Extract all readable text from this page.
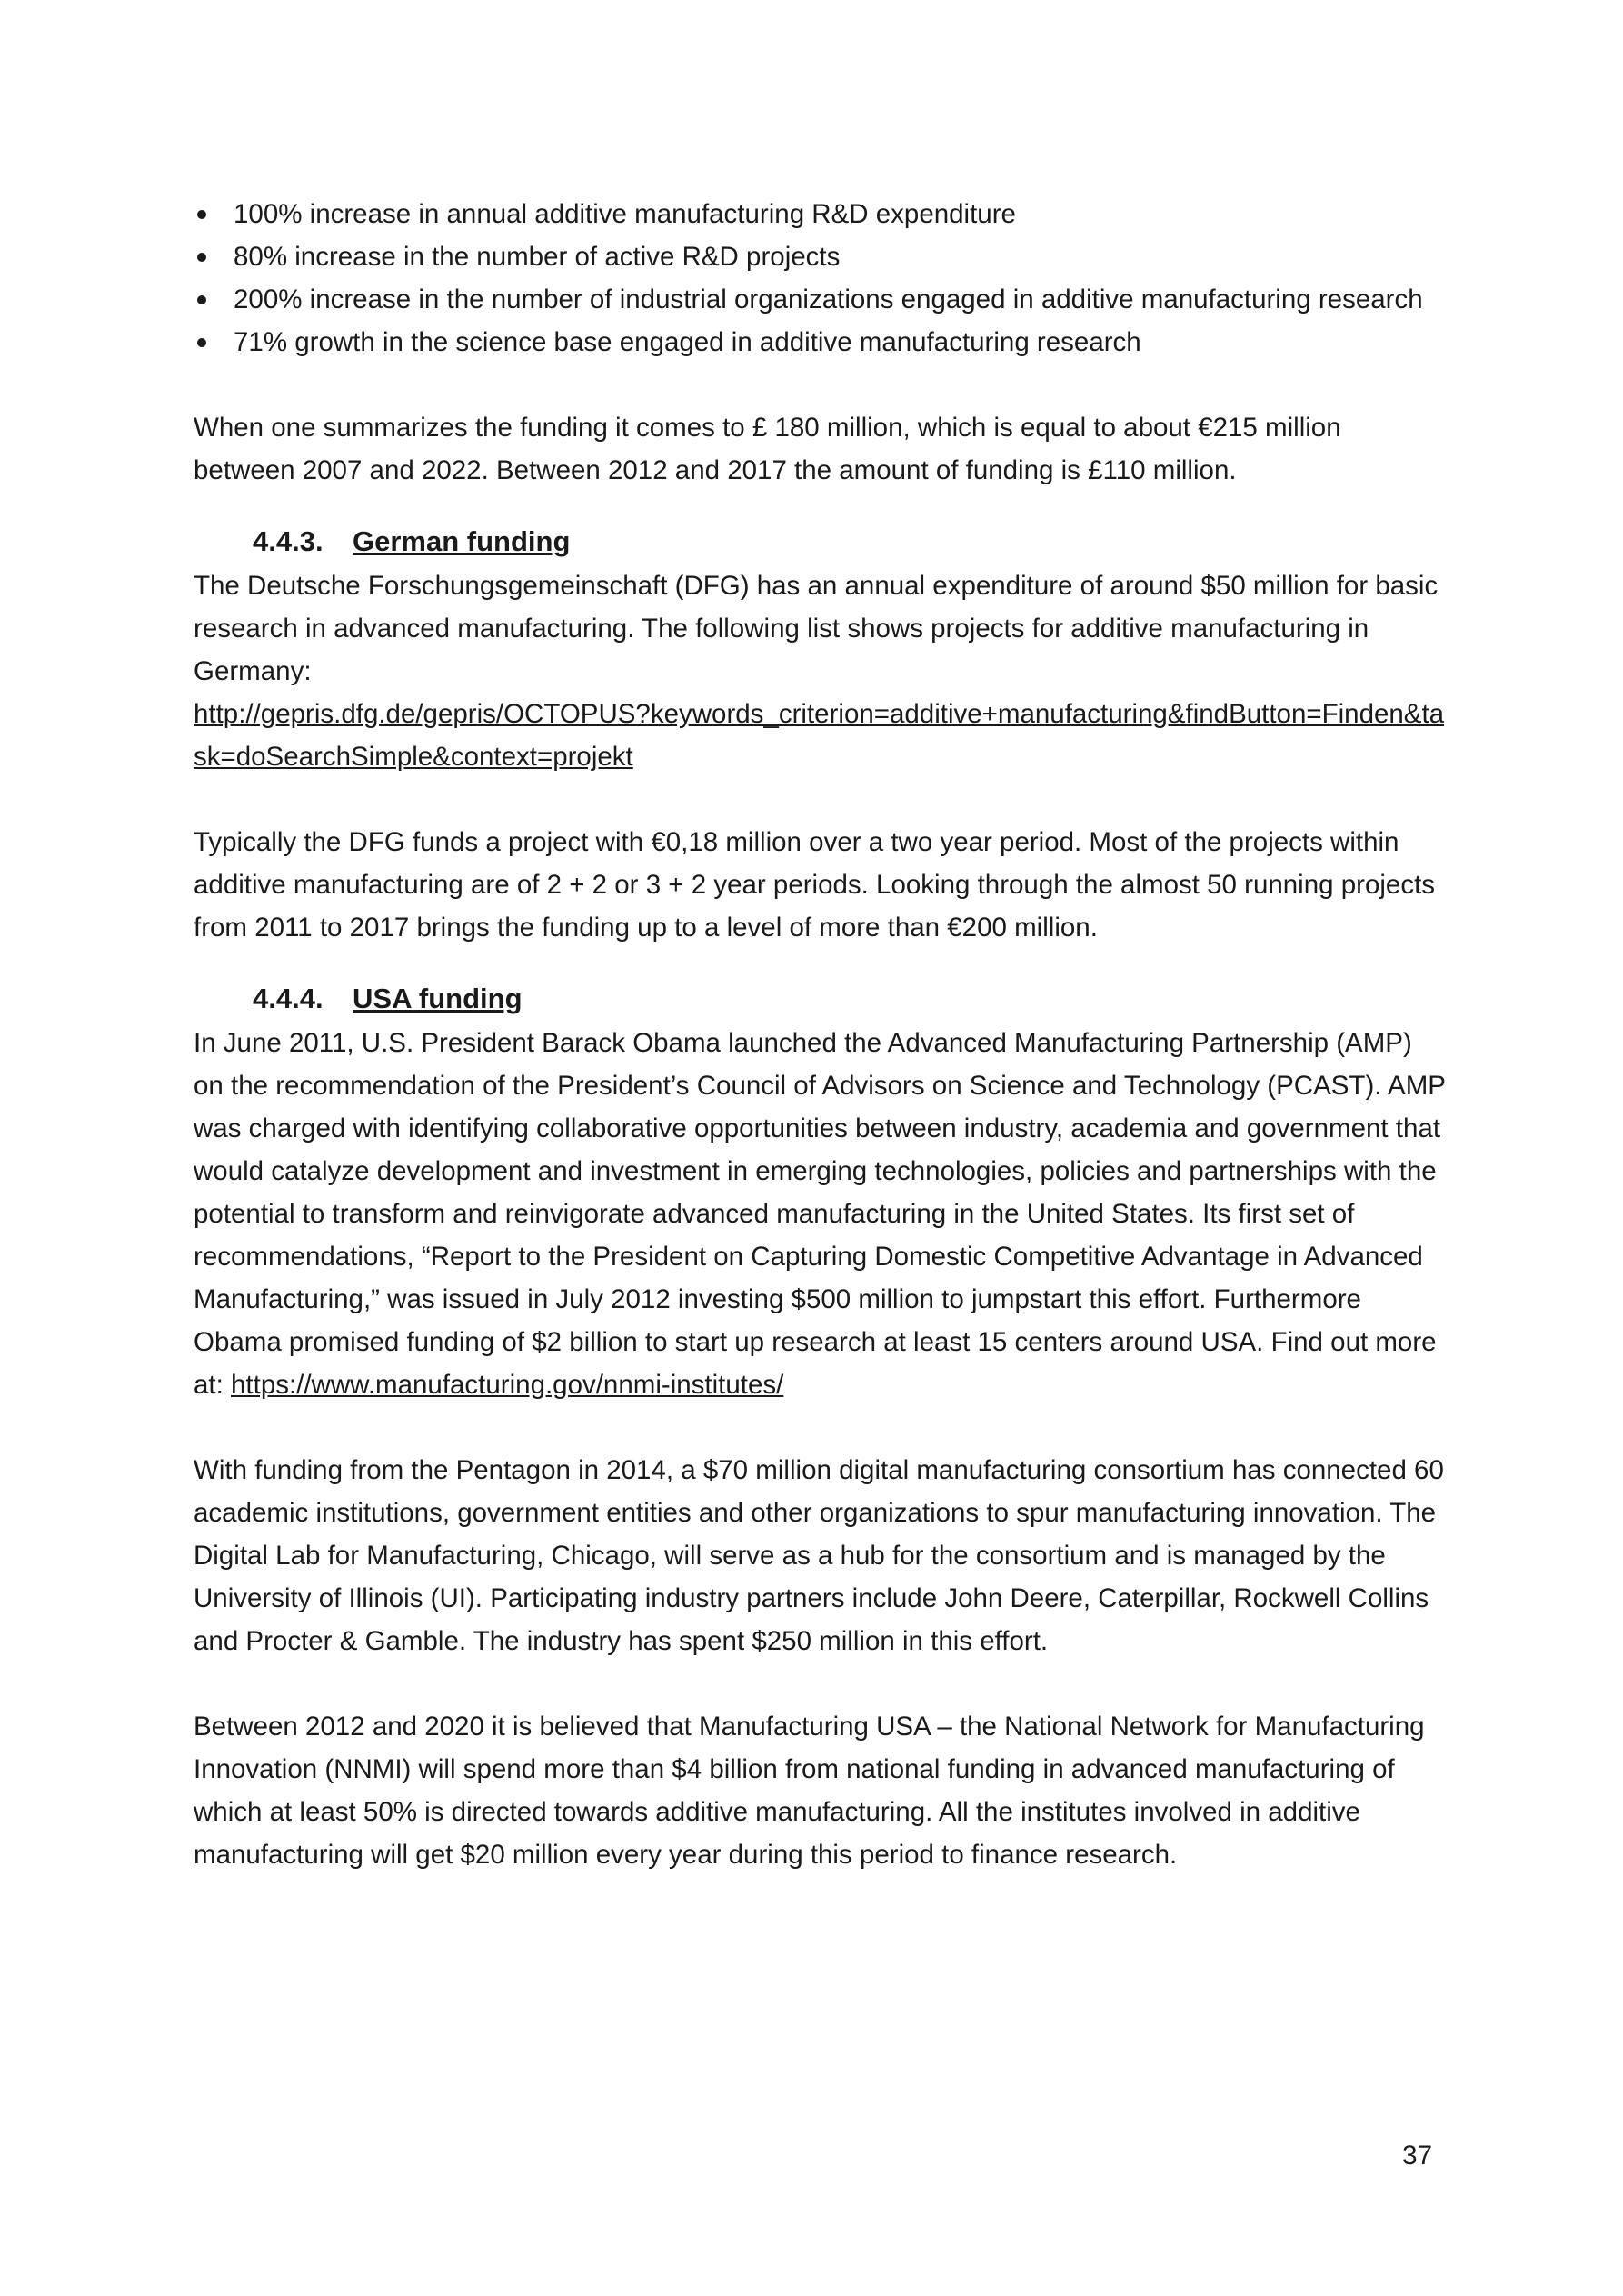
100% increase in annual additive manufacturing R&D expenditure
80% increase in the number of active R&D projects
200% increase in the number of industrial organizations engaged in additive manufacturing research
71% growth in the science base engaged in additive manufacturing research

When one summarizes the funding it comes to £ 180 million, which is equal to about €215 million between 2007 and 2022. Between 2012 and 2017 the amount of funding is £110 million.

4.4.3. German funding

The Deutsche Forschungsgemeinschaft (DFG) has an annual expenditure of around $50 million for basic research in advanced manufacturing. The following list shows projects for additive manufacturing in Germany:

http://gepris.dfg.de/gepris/OCTOPUS?keywords_criterion=additive+manufacturing&findButton=Finden&task=doSearchSimple&context=projekt

Typically the DFG funds a project with €0,18 million over a two year period. Most of the projects within additive manufacturing are of 2 + 2 or 3 + 2 year periods. Looking through the almost 50 running projects from 2011 to 2017 brings the funding up to a level of more than €200 million.

4.4.4. USA funding

In June 2011, U.S. President Barack Obama launched the Advanced Manufacturing Partnership (AMP) on the recommendation of the President’s Council of Advisors on Science and Technology (PCAST). AMP was charged with identifying collaborative opportunities between industry, academia and government that would catalyze development and investment in emerging technologies, policies and partnerships with the potential to transform and reinvigorate advanced manufacturing in the United States. Its first set of recommendations, “Report to the President on Capturing Domestic Competitive Advantage in Advanced Manufacturing,” was issued in July 2012 investing $500 million to jumpstart this effort. Furthermore Obama promised funding of $2 billion to start up research at least 15 centers around USA. Find out more at: https://www.manufacturing.gov/nnmi-institutes/

With funding from the Pentagon in 2014, a $70 million digital manufacturing consortium has connected 60 academic institutions, government entities and other organizations to spur manufacturing innovation. The Digital Lab for Manufacturing, Chicago, will serve as a hub for the consortium and is managed by the University of Illinois (UI). Participating industry partners include John Deere, Caterpillar, Rockwell Collins and Procter & Gamble. The industry has spent $250 million in this effort.

Between 2012 and 2020 it is believed that Manufacturing USA – the National Network for Manufacturing Innovation (NNMI) will spend more than $4 billion from national funding in advanced manufacturing of which at least 50% is directed towards additive manufacturing. All the institutes involved in additive manufacturing will get $20 million every year during this period to finance research.

37
